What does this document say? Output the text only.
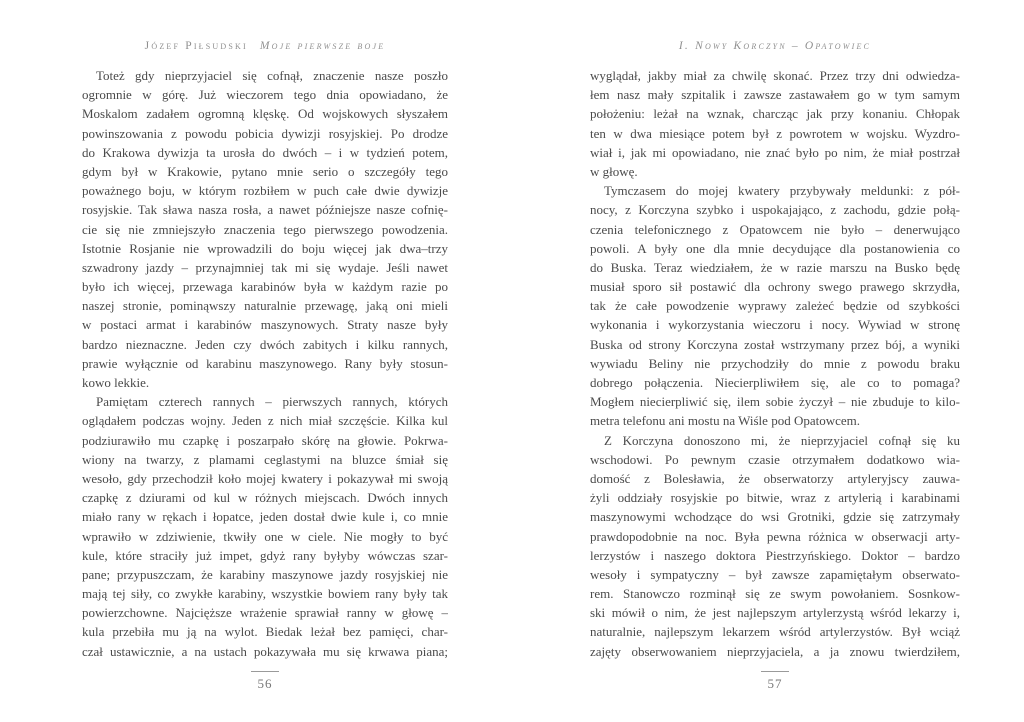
Józef Piłsudski Moje pierwsze boje	I. Nowy Korczyn – Opatowiec
Toteż gdy nieprzyjaciel się cofnął, znaczenie nasze poszło
ogromnie w górę. Już wieczorem tego dnia opowiadano, że
Moskalom zadałem ogromną klęskę. Od wojskowych słyszałem
powinszowania z powodu pobicia dywizji rosyjskiej. Po drodze
do Krakowa dywizja ta urosła do dwóch – i w tydzień potem,
gdym był w Krakowie, pytano mnie serio o szczegóły tego
poważnego boju, w którym rozbiłem w puch całe dwie dywizje
rosyjskie. Tak sława nasza rosła, a nawet późniejsze nasze cofnię-
cie się nie zmniejszyło znaczenia tego pierwszego powodzenia.
Istotnie Rosjanie nie wprowadzili do boju więcej jak dwa–trzy
szwadrony jazdy – przynajmniej tak mi się wydaje. Jeśli nawet
było ich więcej, przewaga karabinów była w każdym razie po
naszej stronie, pominąwszy naturalnie przewagę, jaką oni mieli
w postaci armat i karabinów maszynowych. Straty nasze były
bardzo nieznaczne. Jeden czy dwóch zabitych i kilku rannych,
prawie wyłącznie od karabinu maszynowego. Rany były stosun-
kowo lekkie.
Pamiętam czterech rannych – pierwszych rannych, których
oglądałem podczas wojny. Jeden z nich miał szczęście. Kilka kul
podziurawiło mu czapkę i poszarpało skórę na głowie. Pokrwa-
wiony na twarzy, z plamami ceglastymi na bluzce śmiał się
wesoło, gdy przechodził koło mojej kwatery i pokazywał mi swoją
czapkę z dziurami od kul w różnych miejscach. Dwóch innych
miało rany w rękach i łopatce, jeden dostał dwie kule i, co mnie
wprawiło w zdziwienie, tkwiły one w ciele. Nie mogły to być
kule, które straciły już impet, gdyż rany byłyby wówczas szar-
pane; przypuszczam, że karabiny maszynowe jazdy rosyjskiej nie
mają tej siły, co zwykłe karabiny, wszystkie bowiem rany były tak
powierzchowne. Najcięższe wrażenie sprawiał ranny w głowę –
kula przebiła mu ją na wylot. Biedak leżał bez pamięci, char-
czał ustawicznie, a na ustach pokazywała mu się krwawa piana;
wyglądał, jakby miał za chwilę skonać. Przez trzy dni odwiedza-
łem nasz mały szpitalik i zawsze zastawałem go w tym samym
położeniu: leżał na wznak, charcząc jak przy konaniu. Chłopak
ten w dwa miesiące potem był z powrotem w wojsku. Wyzdro-
wiał i, jak mi opowiadano, nie znać było po nim, że miał postrzał
w głowę.
Tymczasem do mojej kwatery przybywały meldunki: z pół-
nocy, z Korczyna szybko i uspokajająco, z zachodu, gdzie połą-
czenia telefonicznego z Opatowcem nie było – denerwująco
powoli. A były one dla mnie decydujące dla postanowienia co
do Buska. Teraz wiedziałem, że w razie marszu na Busko będę
musiał sporo sił postawić dla ochrony swego prawego skrzydła,
tak że całe powodzenie wyprawy zależeć będzie od szybkości
wykonania i wykorzystania wieczoru i nocy. Wywiad w stronę
Buska od strony Korczyna został wstrzymany przez bój, a wyniki
wywiadu Beliny nie przychodziły do mnie z powodu braku
dobrego połączenia. Niecierpliwiłem się, ale co to pomaga?
Mogłem niecierpliwić się, ilem sobie życzył – nie zbuduje to kilo-
metra telefonu ani mostu na Wiśle pod Opatowcem.
Z Korczyna donoszono mi, że nieprzyjaciel cofnął się ku
wschodowi. Po pewnym czasie otrzymałem dodatkowo wia-
domość z Bolesławia, że obserwatorzy artyleryjscy zauwa-
żyli oddziały rosyjskie po bitwie, wraz z artylerią i karabinami
maszynowymi wchodzące do wsi Grotniki, gdzie się zatrzymały
prawdopodobnie na noc. Była pewna różnica w obserwacji arty-
lerzystów i naszego doktora Piestrzyńskiego. Doktor – bardzo
wesoły i sympatyczny – był zawsze zapamiętałym obserwato-
rem. Stanowczo rozminął się ze swym powołaniem. Sosnkow-
ski mówił o nim, że jest najlepszym artylerzystą wśród lekarzy i,
naturalnie, najlepszym lekarzem wśród artylerzystów. Był wciąż
zajęty obserwowaniem nieprzyjaciela, a ja znowu twierdziłem,
56	57
